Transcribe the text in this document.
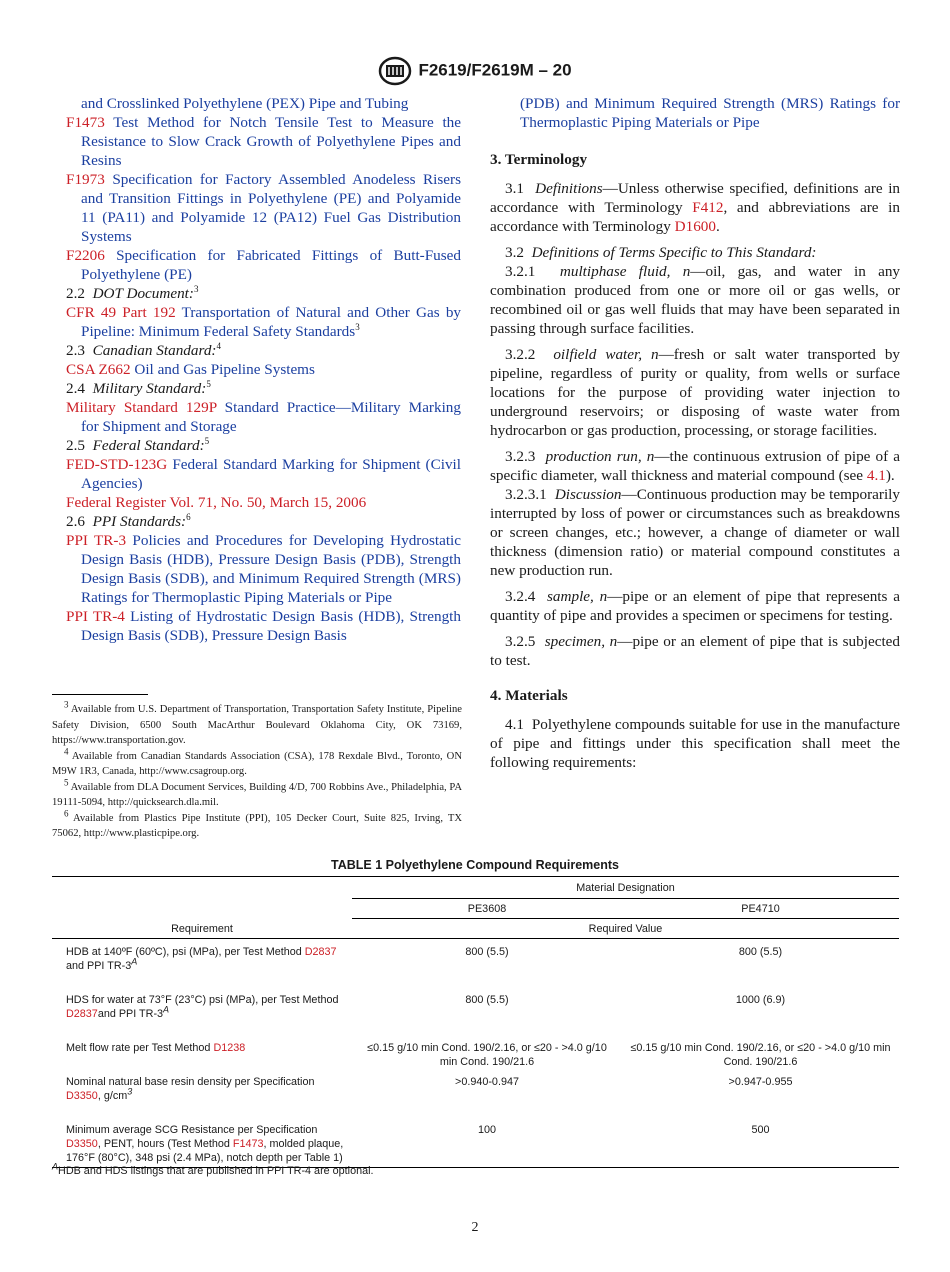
F2619/F2619M – 20
and Crosslinked Polyethylene (PEX) Pipe and Tubing
F1473 Test Method for Notch Tensile Test to Measure the Resistance to Slow Crack Growth of Polyethylene Pipes and Resins
F1973 Specification for Factory Assembled Anodeless Risers and Transition Fittings in Polyethylene (PE) and Polyamide 11 (PA11) and Polyamide 12 (PA12) Fuel Gas Distribution Systems
F2206 Specification for Fabricated Fittings of Butt-Fused Polyethylene (PE)
2.2 DOT Document:$^3$
CFR 49 Part 192 Transportation of Natural and Other Gas by Pipeline: Minimum Federal Safety Standards$^3$
2.3 Canadian Standard:$^4$
CSA Z662 Oil and Gas Pipeline Systems
2.4 Military Standard:$^5$
Military Standard 129P Standard Practice—Military Marking for Shipment and Storage
2.5 Federal Standard:$^5$
FED-STD-123G Federal Standard Marking for Shipment (Civil Agencies)
Federal Register Vol. 71, No. 50, March 15, 2006
2.6 PPI Standards:$^6$
PPI TR-3 Policies and Procedures for Developing Hydrostatic Design Basis (HDB), Pressure Design Basis (PDB), Strength Design Basis (SDB), and Minimum Required Strength (MRS) Ratings for Thermoplastic Piping Materials or Pipe
PPI TR-4 Listing of Hydrostatic Design Basis (HDB), Strength Design Basis (SDB), Pressure Design Basis
$^3$ Available from U.S. Department of Transportation, Transportation Safety Institute, Pipeline Safety Division, 6500 South MacArthur Boulevard Oklahoma City, OK 73169, https://www.transportation.gov.
$^4$ Available from Canadian Standards Association (CSA), 178 Rexdale Blvd., Toronto, ON M9W 1R3, Canada, http://www.csagroup.org.
$^5$ Available from DLA Document Services, Building 4/D, 700 Robbins Ave., Philadelphia, PA 19111-5094, http://quicksearch.dla.mil.
$^6$ Available from Plastics Pipe Institute (PPI), 105 Decker Court, Suite 825, Irving, TX 75062, http://www.plasticpipe.org.
(PDB) and Minimum Required Strength (MRS) Ratings for Thermoplastic Piping Materials or Pipe
3. Terminology

3.1 Definitions—Unless otherwise specified, definitions are in accordance with Terminology F412, and abbreviations are in accordance with Terminology D1600.

3.2 Definitions of Terms Specific to This Standard:

3.2.1 multiphase fluid, n—oil, gas, and water in any combination produced from one or more oil or gas wells, or recombined oil or gas well fluids that may have been separated in passing through surface facilities.

3.2.2 oilfield water, n—fresh or salt water transported by pipeline, regardless of purity or quality, from wells or surface locations for the purpose of providing water injection to underground reservoirs; or disposing of waste water from hydrocarbon or gas production, processing, or storage facilities.

3.2.3 production run, n—the continuous extrusion of pipe of a specific diameter, wall thickness and material compound (see 4.1).

3.2.3.1 Discussion—Continuous production may be temporarily interrupted by loss of power or circumstances such as breakdowns or screen changes, etc.; however, a change of diameter or wall thickness (dimension ratio) or material compound constitutes a new production run.

3.2.4 sample, n—pipe or an element of pipe that represents a quantity of pipe and provides a specimen or specimens for testing.

3.2.5 specimen, n—pipe or an element of pipe that is subjected to test.

4. Materials

4.1 Polyethylene compounds suitable for use in the manufacture of pipe and fittings under this specification shall meet the following requirements:

TABLE 1 Polyethylene Compound Requirements
	Material Designation	
	PE3608	PE4710
Requirement	Required Value	
HDB at 140ºF (60ºC), psi (MPa), per Test Method D2837 and PPI $TR-3^A$	800 (5.5)	800 (5.5)
HDS for water at 73°F (23°C) psi (MPa), per Test Method D2837and PPI $TR-3^A$	800 (5.5)	1000 (6.9)
Melt flow rate per Test Method D1238	≤0.15 g/10 min Cond. 190/2.16, or ≤20 - >4.0 g/10 min Cond. 190/21.6	≤0.15 g/10 min Cond. 190/2.16, or ≤20 - >4.0 g/10 min Cond. 190/21.6
Nominal natural base resin density per Specification D3350, $g/cm^3$	>0.940-0.947	>0.947-0.955
Minimum average SCG Resistance per Specification D3350, PENT, hours (Test Method F1473, molded plaque, 176°F (80°C), 348 psi (2.4 MPa), notch depth per Table 1)	100	500
$^A$HDB and HDS listings that are published in PPI TR-4 are optional.
2
